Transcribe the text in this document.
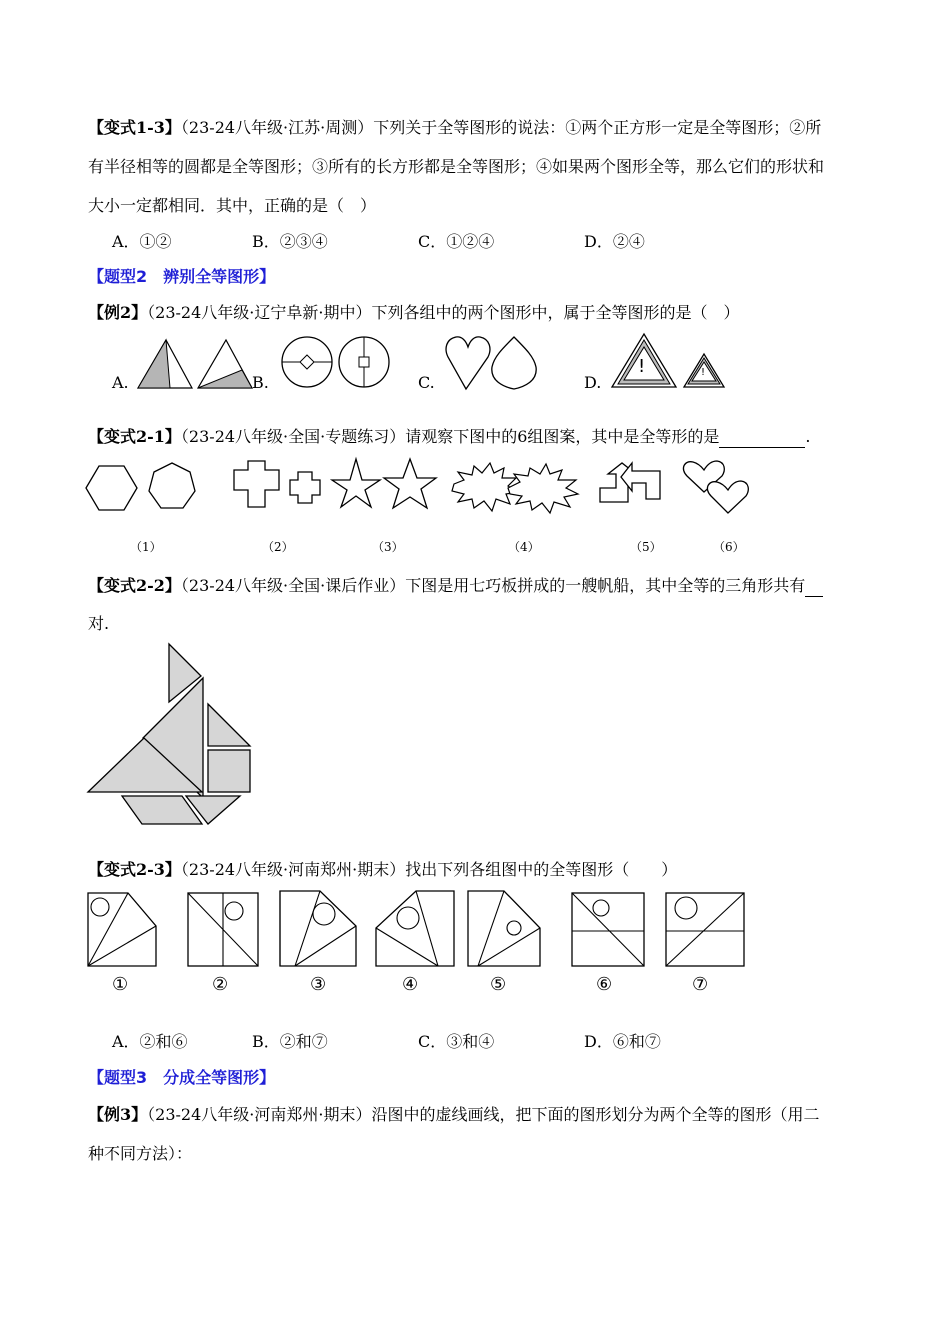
【变式1-3】（23-24八年级·江苏·周测）下列关于全等图形的说法：①两个正方形一定是全等图形；②所
有半径相等的圆都是全等图形；③所有的长方形都是全等图形；④如果两个图形全等，那么它们的形状和
大小一定都相同．其中，正确的是（　）
A．①②	B．②③④	C．①②④	D．②④
【题型2　辨别全等图形】
【例2】（23-24八年级·辽宁阜新·期中）下列各组中的两个图形中，属于全等图形的是（　）
A.	B.	C.	D.
!	!
【变式2-1】（23-24八年级·全国·专题练习）请观察下图中的6组图案，其中是全等形的是	.
（1）	（2）	（3）	（4）	（5）	（6）
【变式2-2】（23-24八年级·全国·课后作业）下图是用七巧板拼成的一艘帆船，其中全等的三角形共有
对.
【变式2-3】（23-24八年级·河南郑州·期末）找出下列各组图中的全等图形（　　）
①	②	③	④	⑤	⑥	⑦
A．②和⑥	B．②和⑦	C．③和④	D．⑥和⑦
【题型3　分成全等图形】
【例3】（23-24八年级·河南郑州·期末）沿图中的虚线画线，把下面的图形划分为两个全等的图形（用二
种不同方法）：
